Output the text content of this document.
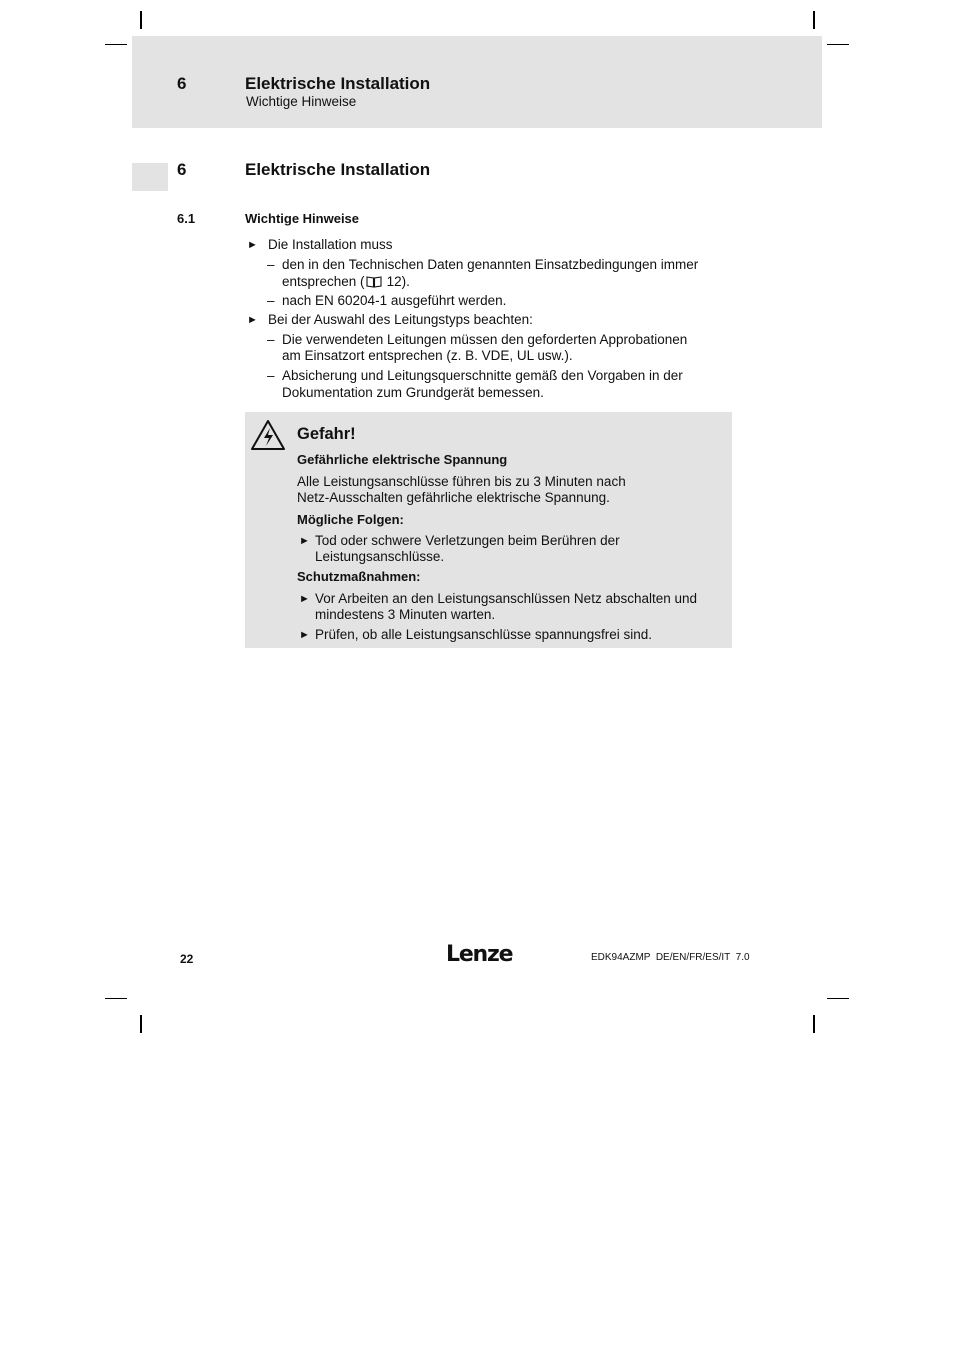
6	Elektrische Installation
Wichtige Hinweise
6	Elektrische Installation
6.1	Wichtige Hinweise
► Die Installation muss
– den in den Technischen Daten genannten Einsatzbedingungen immer
entsprechen ( 12).
– nach EN 60204-1 ausgeführt werden.
► Bei der Auswahl des Leitungstyps beachten:
– Die verwendeten Leitungen müssen den geforderten Approbationen
am Einsatzort entsprechen (z. B. VDE, UL usw.).
– Absicherung und Leitungsquerschnitte gemäß den Vorgaben in der
Dokumentation zum Grundgerät bemessen.
Gefahr!
Gefährliche elektrische Spannung
Alle Leistungsanschlüsse führen bis zu 3 Minuten nach
Netz-Ausschalten gefährliche elektrische Spannung.
Mögliche Folgen:
► Tod oder schwere Verletzungen beim Berühren der
Leistungsanschlüsse.
Schutzmaßnahmen:
► Vor Arbeiten an den Leistungsanschlüssen Netz abschalten und
mindestens 3 Minuten warten.
► Prüfen, ob alle Leistungsanschlüsse spannungsfrei sind.
22	Lenze	EDK94AZMP  DE/EN/FR/ES/IT  7.0
